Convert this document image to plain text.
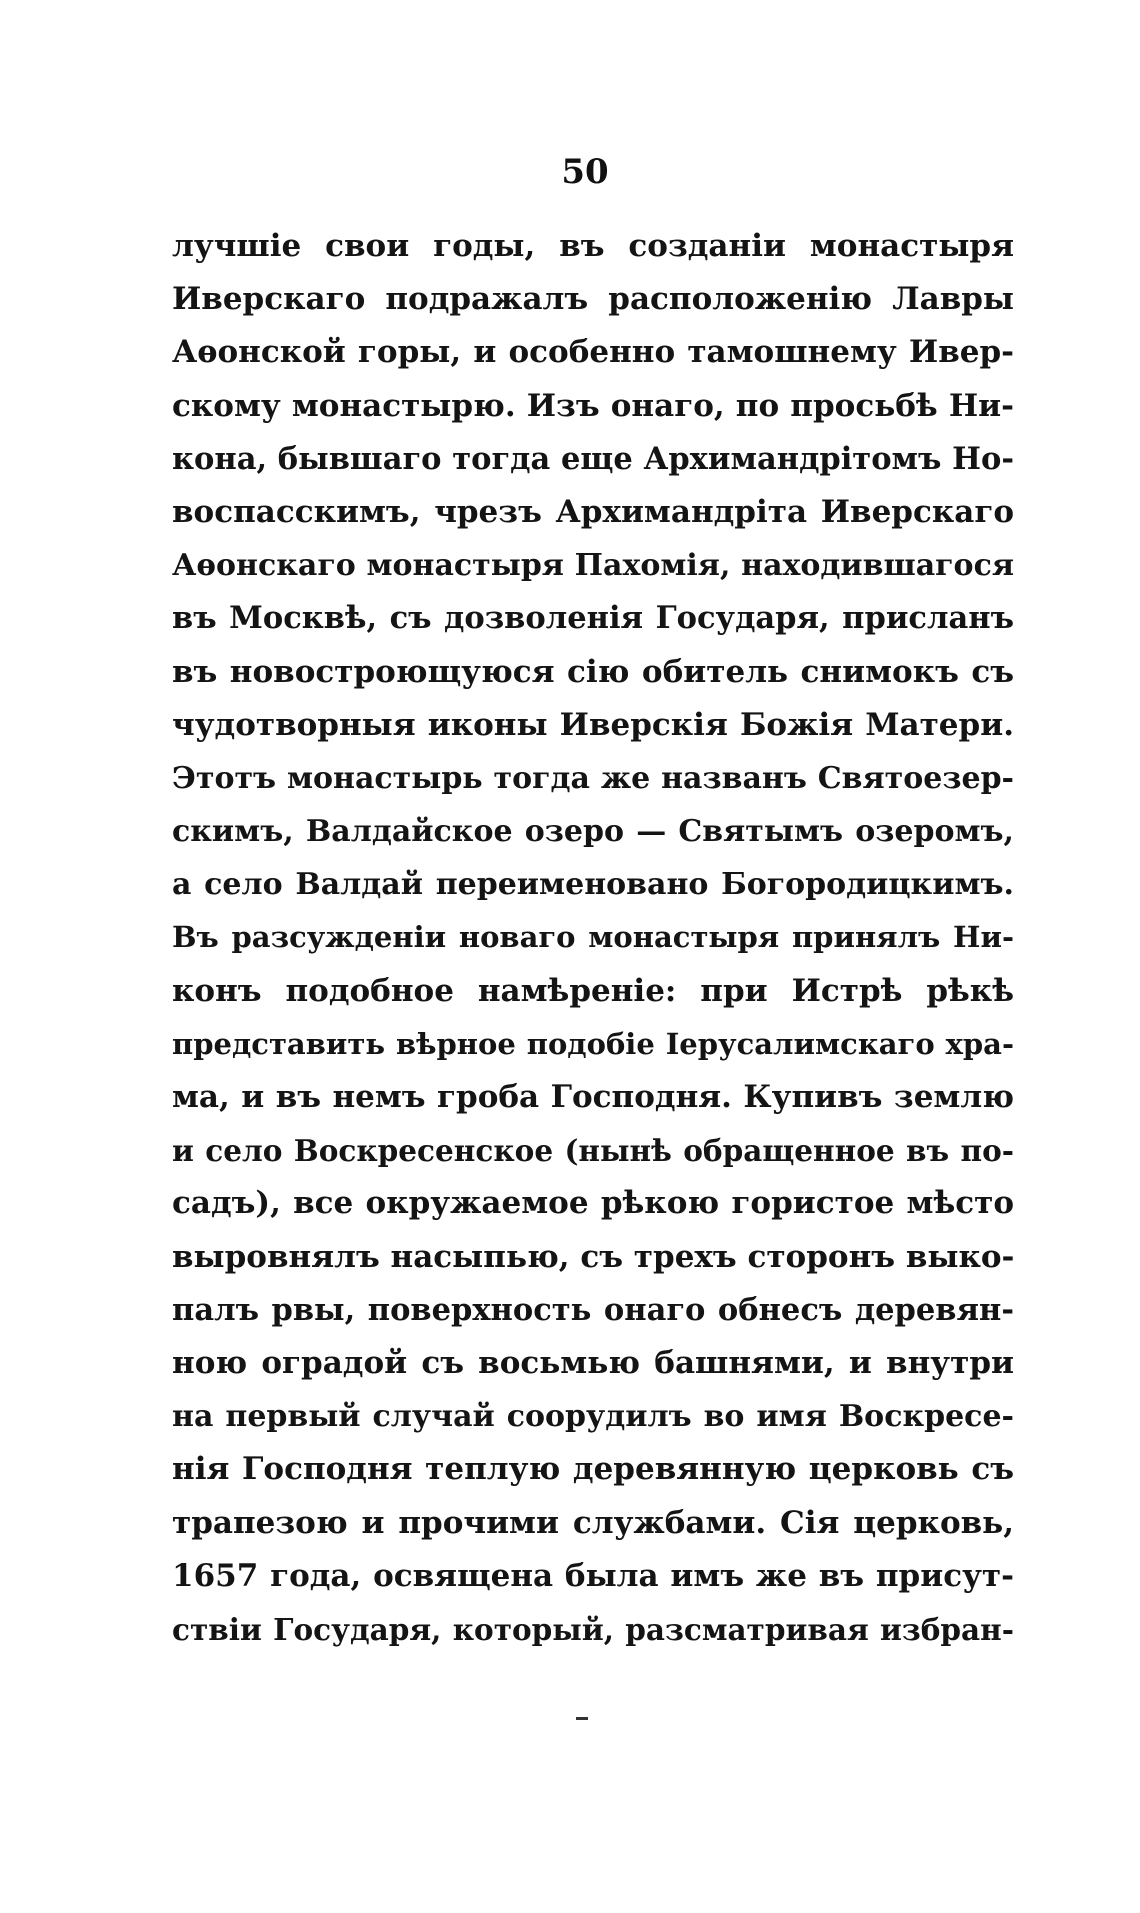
50
лучшіе свои годы, въ созданіи монастыря
Иверскаго подражалъ расположенію Лавры
Аѳонской горы, и особенно тамошнему Ивер-
скому монастырю. Изъ онаго, по просьбѣ Ни-
кона, бывшаго тогда еще Архимандрітомъ Но-
воспасскимъ, чрезъ Архимандріта Иверскаго
Аѳонскаго монастыря Пахомія, находившагося
въ Москвѣ, съ дозволенія Государя, присланъ
въ новостроющуюся сію обитель снимокъ съ
чудотворныя иконы Иверскія Божія Матери.
Этотъ монастырь тогда же названъ Святоезер-
скимъ, Валдайское озеро — Святымъ озеромъ,
а село Валдай переименовано Богородицкимъ.
Въ разсужденіи новаго монастыря принялъ Ни-
конъ подобное намѣреніе: при Истрѣ рѣкѣ
представить вѣрное подобіе Іерусалимскаго хра-
ма, и въ немъ гроба Господня. Купивъ землю
и село Воскресенское (нынѣ обращенное въ по-
садъ), все окружаемое рѣкою гористое мѣсто
выровнялъ насыпью, съ трехъ сторонъ выко-
палъ рвы, поверхность онаго обнесъ деревян-
ною оградой съ восьмью башнями, и внутри
на первый случай соорудилъ во имя Воскресе-
нія Господня теплую деревянную церковь съ
трапезою и прочими службами. Сія церковь,
1657 года, освящена была имъ же въ присут-
ствіи Государя, который, разсматривая избран-
